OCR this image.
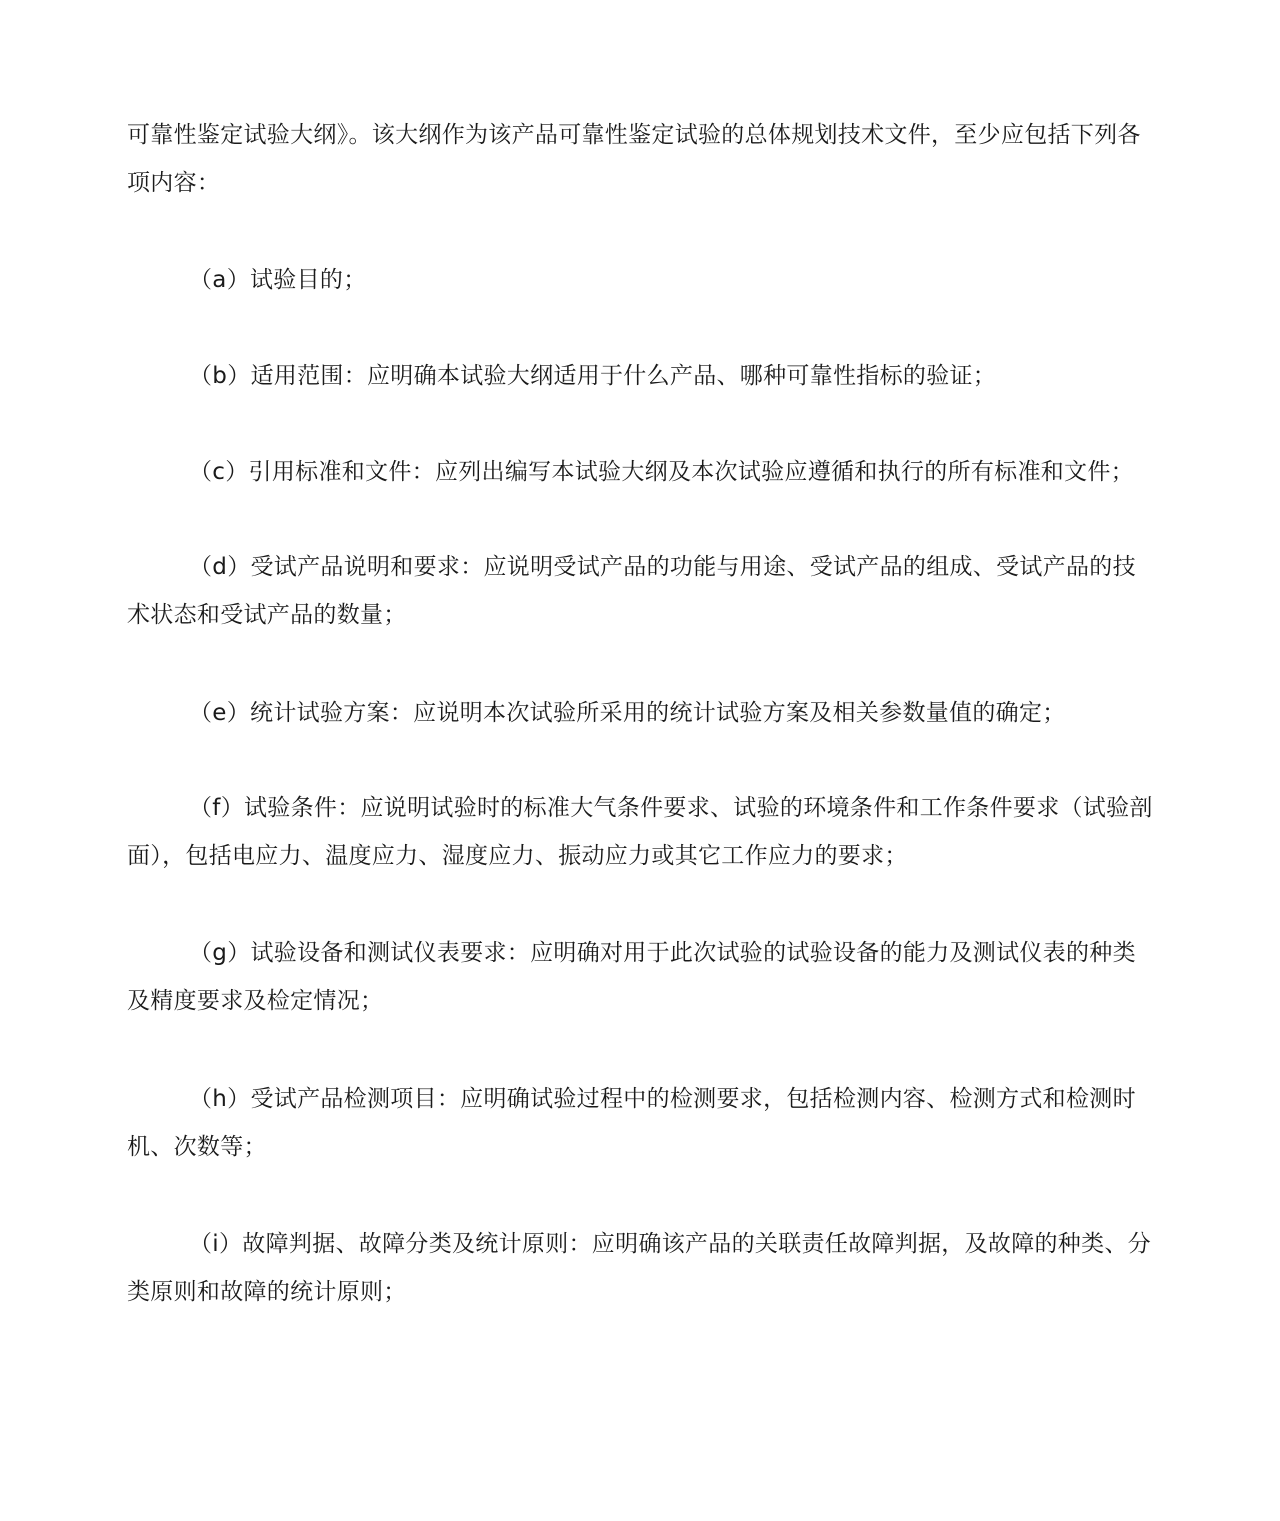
可靠性鉴定试验大纲》。该大纲作为该产品可靠性鉴定试验的总体规划技术文件，至少应包括下列各项内容：

（a）试验目的；

（b）适用范围：应明确本试验大纲适用于什么产品、哪种可靠性指标的验证；

（c）引用标准和文件：应列出编写本试验大纲及本次试验应遵循和执行的所有标准和文件；

（d）受试产品说明和要求：应说明受试产品的功能与用途、受试产品的组成、受试产品的技术状态和受试产品的数量；

（e）统计试验方案：应说明本次试验所采用的统计试验方案及相关参数量值的确定；

（f）试验条件：应说明试验时的标准大气条件要求、试验的环境条件和工作条件要求（试验剖面），包括电应力、温度应力、湿度应力、振动应力或其它工作应力的要求；

（g）试验设备和测试仪表要求：应明确对用于此次试验的试验设备的能力及测试仪表的种类及精度要求及检定情况；

（h）受试产品检测项目：应明确试验过程中的检测要求，包括检测内容、检测方式和检测时机、次数等；

（i）故障判据、故障分类及统计原则：应明确该产品的关联责任故障判据，及故障的种类、分类原则和故障的统计原则；
